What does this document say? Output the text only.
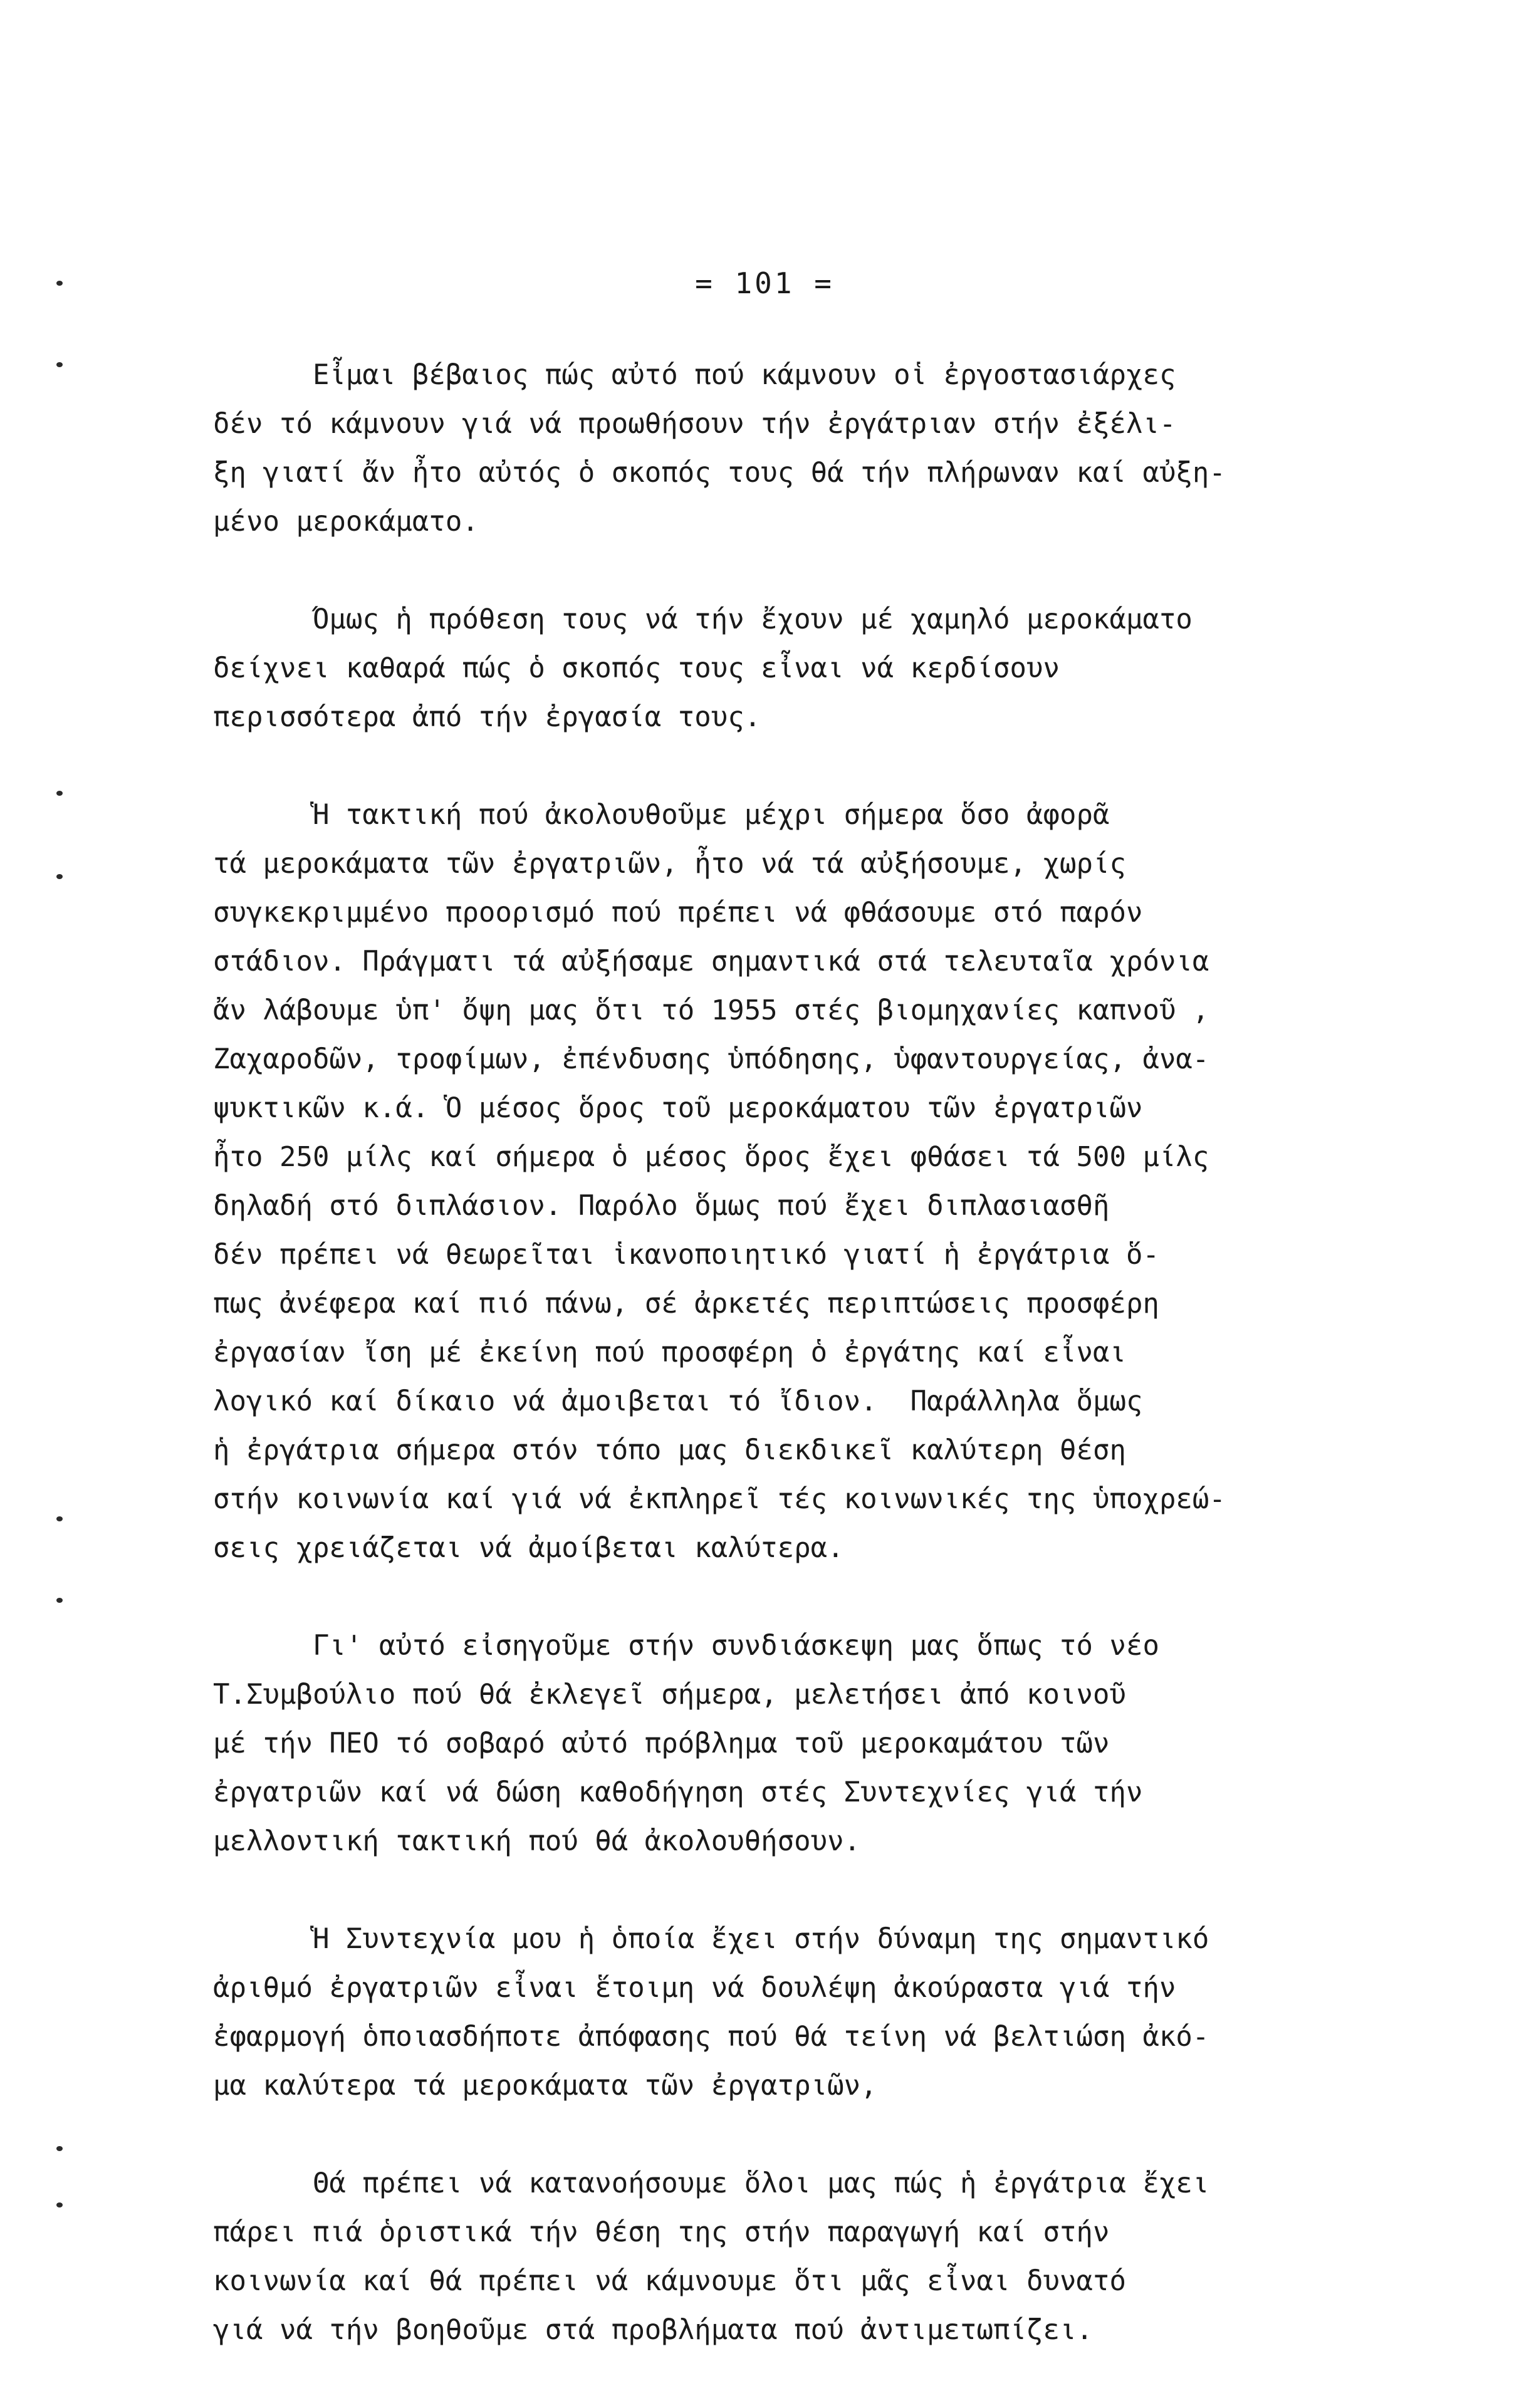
= 101 =
Εἶμαι βέβαιος πώς αὐτό πού κάμνουν οἱ ἐργοστασιάρχες
δέν τό κάμνουν γιά νά προωθήσουν τήν ἐργάτριαν στήν ἐξέλι-
ξη γιατί ἄν ἦτο αὐτός ὁ σκοπός τους θά τήν πλήρωναν καί αὐξη-
μένο μεροκάματο.
Όμως ἡ πρόθεση τους νά τήν ἔχουν μέ χαμηλό μεροκάματο
δείχνει καθαρά πώς ὁ σκοπός τους εἶναι νά κερδίσουν
περισσότερα ἀπό τήν ἐργασία τους.
Ἡ τακτική πού ἀκολουθοῦμε μέχρι σήμερα ὅσο ἀφορᾶ
τά μεροκάματα τῶν ἐργατριῶν, ἦτο νά τά αὐξήσουμε, χωρίς
συγκεκριμμένο προορισμό πού πρέπει νά φθάσουμε στό παρόν
στάδιον. Πράγματι τά αὐξήσαμε σημαντικά στά τελευταῖα χρόνια
ἄν λάβουμε ὑπ' ὄψη μας ὅτι τό 1955 στές βιομηχανίες καπνοῦ ,
Ζαχαροδῶν, τροφίμων, ἐπένδυσης ὑπόδησης, ὑφαντουργείας, ἀνα-
ψυκτικῶν κ.ά. Ὁ μέσος ὅρος τοῦ μεροκάματου τῶν ἐργατριῶν
ἦτο 250 μίλς καί σήμερα ὁ μέσος ὅρος ἔχει φθάσει τά 500 μίλς
δηλαδή στό διπλάσιον. Παρόλο ὅμως πού ἔχει διπλασιασθῆ
δέν πρέπει νά θεωρεῖται ἱκανοποιητικό γιατί ἡ ἐργάτρια ὅ-
πως ἀνέφερα καί πιό πάνω, σέ ἀρκετές περιπτώσεις προσφέρη
ἐργασίαν ἴση μέ ἐκείνη πού προσφέρη ὁ ἐργάτης καί εἶναι
λογικό καί δίκαιο νά ἀμοιβεται τό ἴδιον.  Παράλληλα ὅμως
ἡ ἐργάτρια σήμερα στόν τόπο μας διεκδικεῖ καλύτερη θέση
στήν κοινωνία καί γιά νά ἐκπληρεῖ τές κοινωνικές της ὑποχρεώ-
σεις χρειάζεται νά ἀμοίβεται καλύτερα.
Γι' αὐτό εἰσηγοῦμε στήν συνδιάσκεψη μας ὅπως τό νέο
Τ.Συμβούλιο πού θά ἐκλεγεῖ σήμερα, μελετήσει ἀπό κοινοῦ
μέ τήν ΠΕΟ τό σοβαρό αὐτό πρόβλημα τοῦ μεροκαμάτου τῶν
ἐργατριῶν καί νά δώση καθοδήγηση στές Συντεχνίες γιά τήν
μελλοντική τακτική πού θά ἀκολουθήσουν.
Ἡ Συντεχνία μου ἡ ὁποία ἔχει στήν δύναμη της σημαντικό
ἀριθμό ἐργατριῶν εἶναι ἕτοιμη νά δουλέψη ἀκούραστα γιά τήν
ἐφαρμογή ὁποιασδήποτε ἀπόφασης πού θά τείνη νά βελτιώση ἀκό-
μα καλύτερα τά μεροκάματα τῶν ἐργατριῶν,
Θά πρέπει νά κατανοήσουμε ὅλοι μας πώς ἡ ἐργάτρια ἔχει
πάρει πιά ὁριστικά τήν θέση της στήν παραγωγή καί στήν
κοινωνία καί θά πρέπει νά κάμνουμε ὅτι μᾶς εἶναι δυνατό
γιά νά τήν βοηθοῦμε στά προβλήματα πού ἀντιμετωπίζει.
